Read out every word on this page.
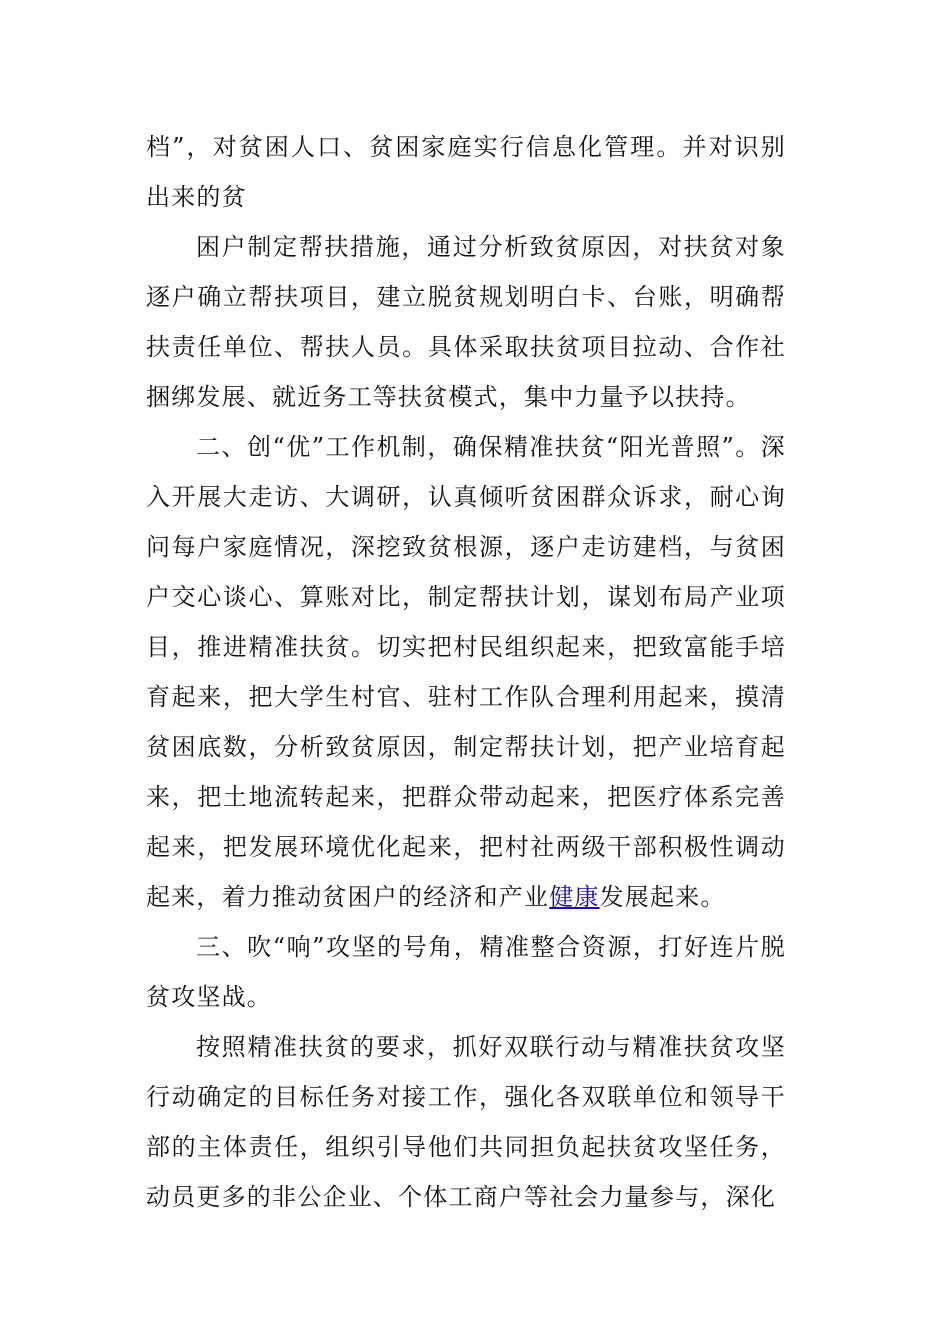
档”，对贫困人口、贫困家庭实行信息化管理。并对识别出来的贫

困户制定帮扶措施，通过分析致贫原因，对扶贫对象逐户确立帮扶项目，建立脱贫规划明白卡、台账，明确帮扶责任单位、帮扶人员。具体采取扶贫项目拉动、合作社捆绑发展、就近务工等扶贫模式，集中力量予以扶持。

二、创“优”工作机制，确保精准扶贫“阳光普照”。深入开展大走访、大调研，认真倾听贫困群众诉求，耐心询问每户家庭情况，深挖致贫根源，逐户走访建档，与贫困户交心谈心、算账对比，制定帮扶计划，谋划布局产业项目，推进精准扶贫。切实把村民组织起来，把致富能手培育起来，把大学生村官、驻村工作队合理利用起来，摸清贫困底数，分析致贫原因，制定帮扶计划，把产业培育起来，把土地流转起来，把群众带动起来，把医疗体系完善起来，把发展环境优化起来，把村社两级干部积极性调动起来，着力推动贫困户的经济和产业健康发展起来。

三、吹“响”攻坚的号角，精准整合资源，打好连片脱贫攻坚战。

按照精准扶贫的要求，抓好双联行动与精准扶贫攻坚行动确定的目标任务对接工作，强化各双联单位和领导干部的主体责任，组织引导他们共同担负起扶贫攻坚任务，动员更多的非公企业、个体工商户等社会力量参与，深化
